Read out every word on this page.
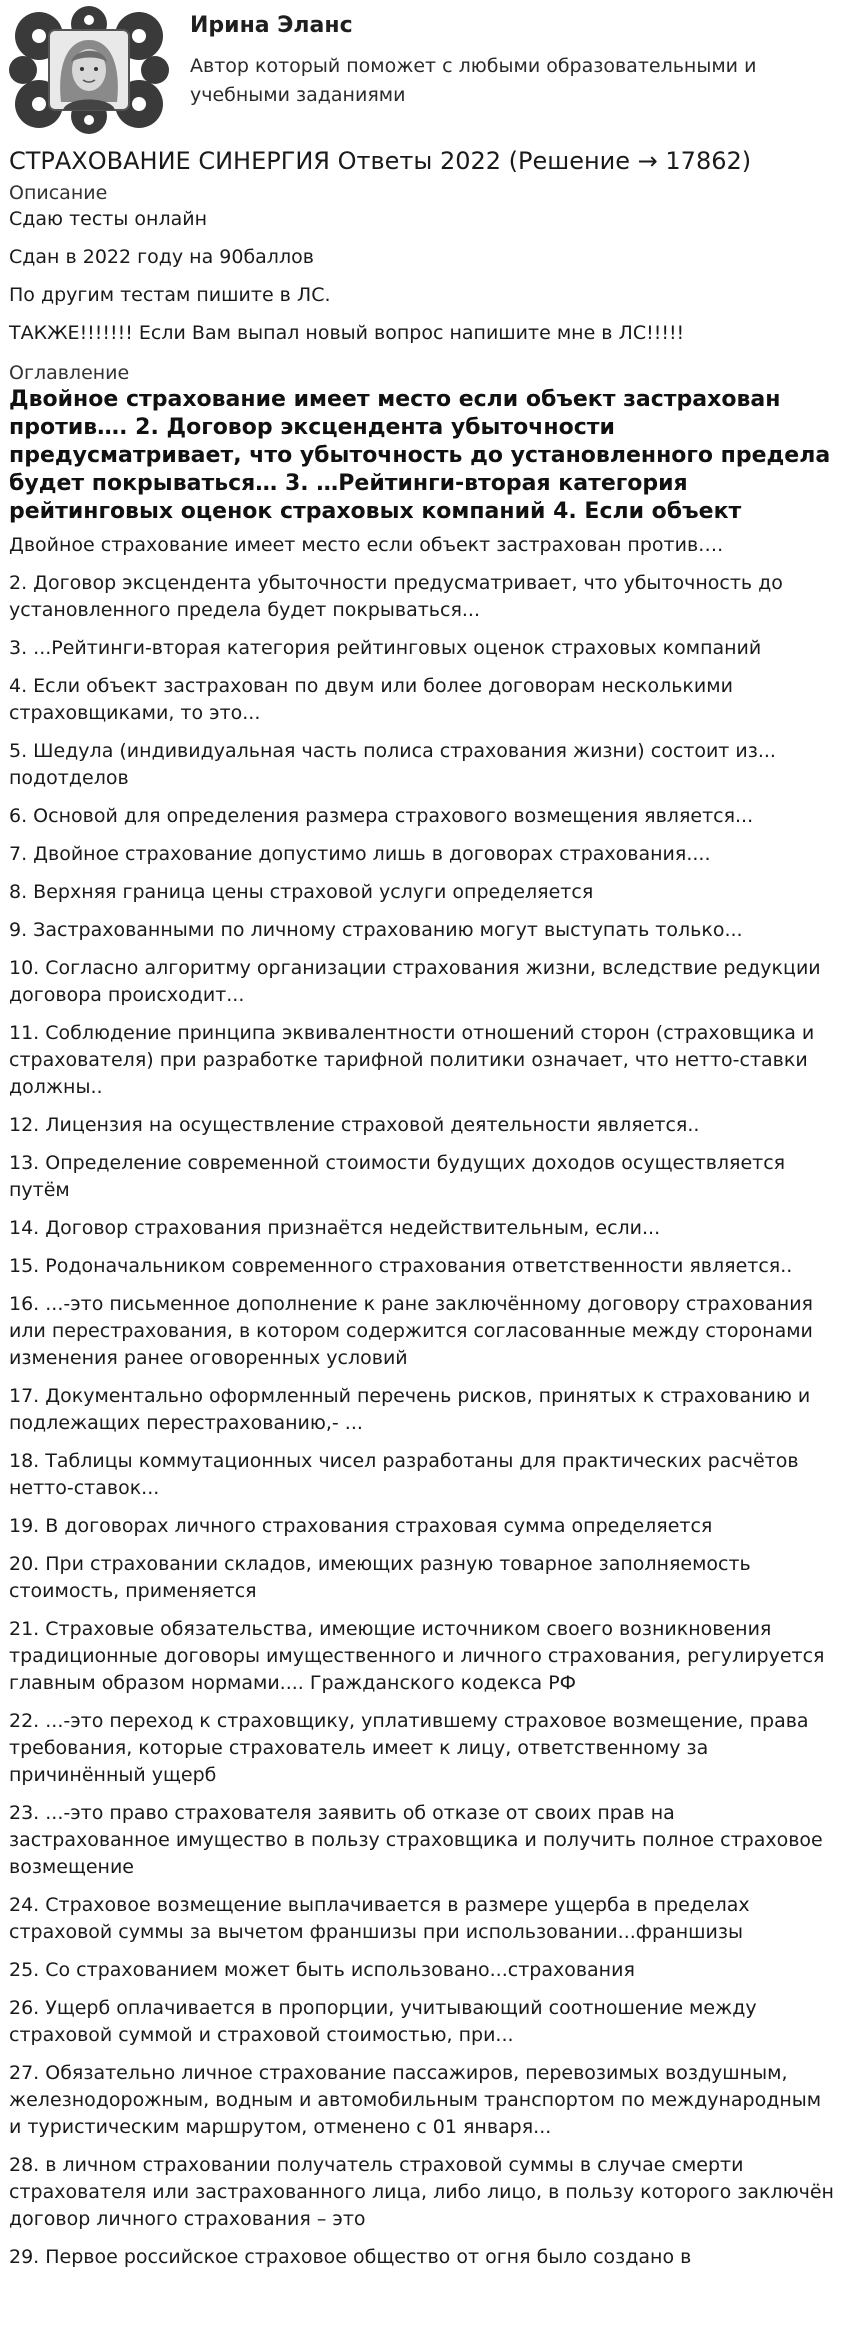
Ирина Эланс
Автор который поможет с любыми образовательными и учебными заданиями
СТРАХОВАНИЕ СИНЕРГИЯ Ответы 2022 (Решение → 17862)
Описание

Сдаю тесты онлайн

Сдан в 2022 году на 90баллов

По другим тестам пишите в ЛС.

ТАКЖЕ!!!!!!! Если Вам выпал новый вопрос напишите мне в ЛС!!!!!

Оглавление
Двойное страхование имеет место если объект застрахован против…. 2. Договор эксцендента убыточности предусматривает, что убыточность до установленного предела будет покрываться… 3. …Рейтинги-вторая категория рейтинговых оценок страховых компаний 4. Если объект

Двойное страхование имеет место если объект застрахован против….

2. Договор эксцендента убыточности предусматривает, что убыточность до установленного предела будет покрываться...

3. ...Рейтинги-вторая категория рейтинговых оценок страховых компаний

4. Если объект застрахован по двум или более договорам несколькими страховщиками, то это...

5. Шедула (индивидуальная часть полиса страхования жизни) состоит из... подотделов

6. Основой для определения размера страхового возмещения является...

7. Двойное страхование допустимо лишь в договорах страхования....

8. Верхняя граница цены страховой услуги определяется

9. Застрахованными по личному страхованию могут выступать только...

10. Согласно алгоритму организации страхования жизни, вследствие редукции договора происходит...

11. Соблюдение принципа эквивалентности отношений сторон (страховщика и страхователя) при разработке тарифной политики означает, что нетто-ставки должны..

12. Лицензия на осуществление страховой деятельности является..

13. Определение современной стоимости будущих доходов осуществляется путём

14. Договор страхования признаётся недействительным, если...

15. Родоначальником современного страхования ответственности является..

16. ...-это письменное дополнение к ране заключённому договору страхования или перестрахования, в котором содержится согласованные между сторонами изменения ранее оговоренных условий

17. Документально оформленный перечень рисков, принятых к страхованию и подлежащих перестрахованию,- ...

18. Таблицы коммутационных чисел разработаны для практических расчётов нетто-ставок...

19. В договорах личного страхования страховая сумма определяется

20. При страховании складов, имеющих разную товарное заполняемость стоимость, применяется

21. Страховые обязательства, имеющие источником своего возникновения традиционные договоры имущественного и личного страхования, регулируется главным образом нормами.... Гражданского кодекса РФ

22. ...-это переход к страховщику, уплатившему страховое возмещение, права требования, которые страхователь имеет к лицу, ответственному за причинённый ущерб

23. ...-это право страхователя заявить об отказе от своих прав на застрахованное имущество в пользу страховщика и получить полное страховое возмещение

24. Страховое возмещение выплачивается в размере ущерба в пределах страховой суммы за вычетом франшизы при использовании...франшизы

25. Со страхованием может быть использовано...страхования

26. Ущерб оплачивается в пропорции, учитывающий соотношение между страховой суммой и страховой стоимостью, при...

27. Обязательно личное страхование пассажиров, перевозимых воздушным, железнодорожным, водным и автомобильным транспортом по международным и туристическим маршрутом, отменено с 01 января...

28. в личном страховании получатель страховой суммы в случае смерти страхователя или застрахованного лица, либо лицо, в пользу которого заключён договор личного страхования – это

29. Первое российское страховое общество от огня было создано в
